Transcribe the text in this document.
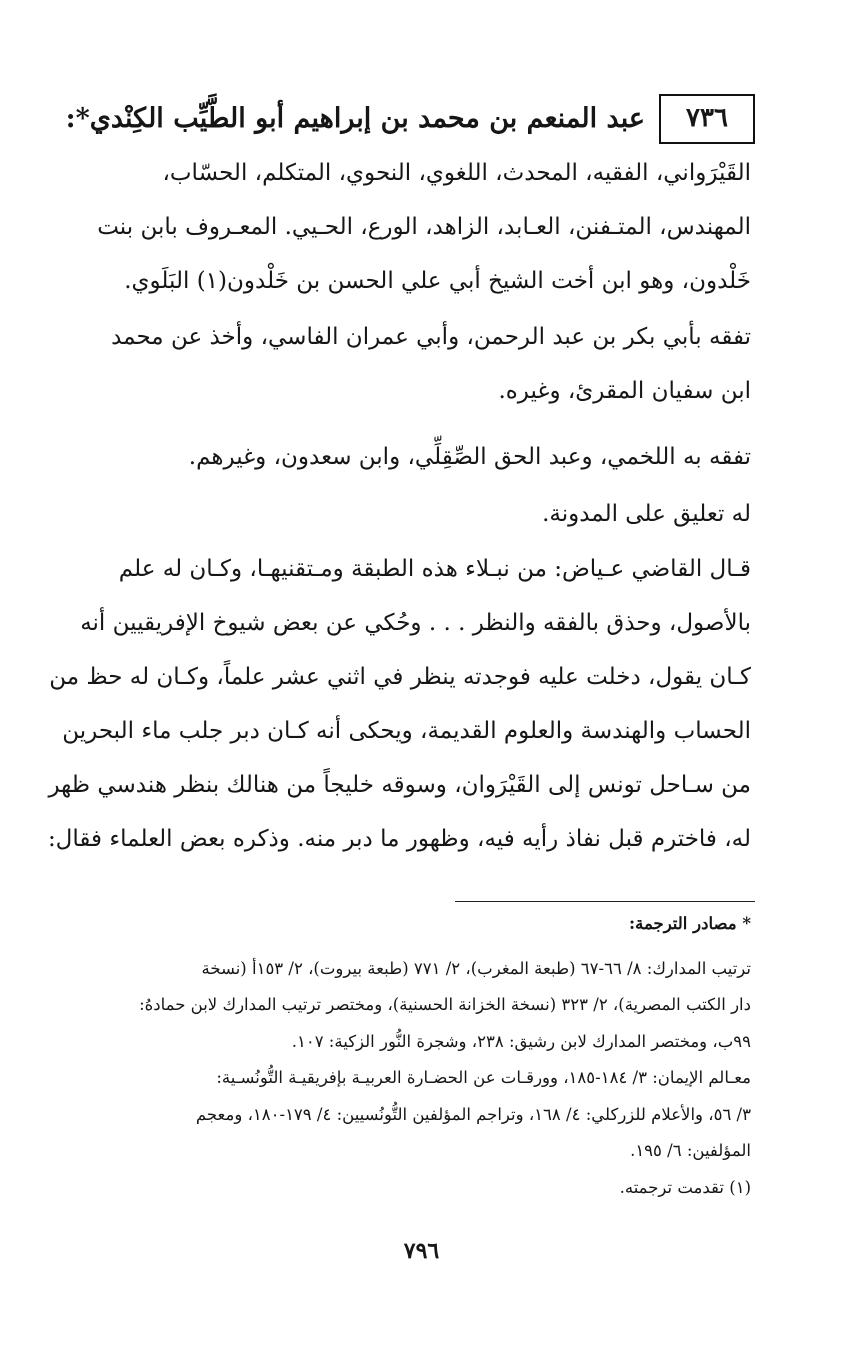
٧٣٦
عبد المنعم بن محمد بن إبراهيم أبو الطَّيِّب الكِنْدي*:
القَيْرَواني، الفقيه، المحدث، اللغوي، النحوي، المتكلم، الحسّاب،
المهندس، المتـفنن، العـابد، الزاهد، الورع، الحـيي. المعـروف بابن بنت
خَلْدون، وهو ابن أخت الشيخ أبي علي الحسن بن خَلْدون(١) البَلَوي.
تفقه بأبي بكر بن عبد الرحمن، وأبي عمران الفاسي، وأخذ عن محمد
ابن سفيان المقرئ، وغيره.
تفقه به اللخمي، وعبد الحق الصِّقِلِّي، وابن سعدون، وغيرهم.
له تعليق على المدونة.
قـال القاضي عـياض: من نبـلاء هذه الطبقة ومـتقنيهـا، وكـان له علم
بالأصول، وحذق بالفقه والنظر . . . وحُكي عن بعض شيوخ الإفريقيين أنه
كـان يقول، دخلت عليه فوجدته ينظر في اثني عشر علماً، وكـان له حظ من
الحساب والهندسة والعلوم القديمة، ويحكى أنه كـان دبر جلب ماء البحرين
من سـاحل تونس إلى القَيْرَوان، وسوقه خليجاً من هنالك بنظر هندسي ظهر
له، فاخترم قبل نفاذ رأيه فيه، وظهور ما دبر منه. وذكره بعض العلماء فقال:
* مصادر الترجمة:
ترتيب المدارك: ٨/ ٦٦-٦٧ (طبعة المغرب)، ٢/ ٧٧١ (طبعة بيروت)، ٢/ ١٥٣أ (نسخة
دار الكتب المصرية)، ٢/ ٣٢٣ (نسخة الخزانة الحسنية)، ومختصر ترتيب المدارك لابن حمادهُ:
٩٩ب، ومختصر المدارك لابن رشيق: ٢٣٨، وشجرة النُّور الزكية: ١٠٧.
معـالم الإيمان: ٣/ ١٨٤-١٨٥، وورقـات عن الحضـارة العربيـة بإفريقيـة التُّونُسـية:
٣/ ٥٦، والأعلام للزركلي: ٤/ ١٦٨، وتراجم المؤلفين التُّونُسيين: ٤/ ١٧٩-١٨٠، ومعجم
المؤلفين: ٦/ ١٩٥.
(١) تقدمت ترجمته.
٧٩٦
